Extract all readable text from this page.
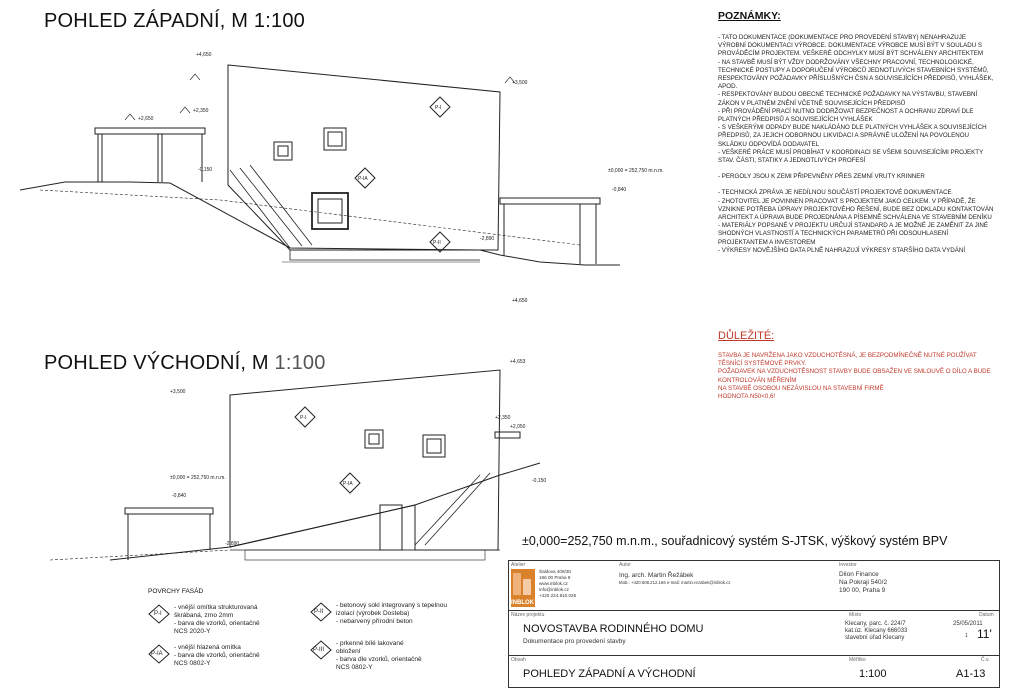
POHLED ZÁPADNÍ, M 1:100
POHLED VÝCHODNÍ, M 1:100
+4,650
+3,500
+2,650
+2,350
±0,000 = 252,750 m.n.m.
-0,840
-0,150
-2,890
P-I
P-IA
P-II
+4,650
+4,653
+3,500
+2,350
+2,050
±0,000 = 252,750 m.n.m.
-0,840
-0,150
-2,890
P-I
P-IA
POZNÁMKY:
- TATO DOKUMENTACE (DOKUMENTACE PRO PROVEDENÍ STAVBY) NENAHRAZUJE
VÝROBNÍ DOKUMENTACI VÝROBCE. DOKUMENTACE VÝROBCE MUSÍ BÝT V SOULADU S
PROVÁDĚCÍM PROJEKTEM. VEŠKERÉ ODCHYLKY MUSÍ BÝT SCHVÁLENY ARCHITEKTEM
- NA STAVBĚ MUSÍ BÝT VŽDY DODRŽOVÁNY VŠECHNY PRACOVNÍ, TECHNOLOGICKÉ,
TECHNICKÉ POSTUPY A DOPORUČENÍ VÝROBCŮ JEDNOTLIVÝCH STAVEBNÍCH SYSTÉMŮ,
RESPEKTOVÁNY POŽADAVKY PŘÍSLUŠNÝCH ČSN A SOUVISEJÍCÍCH PŘEDPISŮ, VYHLÁŠEK,
APOD.
- RESPEKTOVÁNY BUDOU OBECNÉ TECHNICKÉ POŽADAVKY NA VÝSTAVBU, STAVEBNÍ
ZÁKON V PLATNÉM ZNĚNÍ VČETNĚ SOUVISEJÍCÍCH PŘEDPISŮ
- PŘI PROVÁDĚNÍ PRACÍ NUTNO DODRŽOVAT BEZPEČNOST A OCHRANU ZDRAVÍ DLE
PLATNÝCH PŘEDPISŮ A SOUVISEJÍCÍCH VYHLÁŠEK
- S VEŠKERÝMI ODPADY BUDE NAKLÁDÁNO DLE PLATNÝCH VYHLÁŠEK A SOUVISEJÍCÍCH
PŘEDPISŮ, ZA JEJICH ODBORNOU LIKVIDACI A SPRÁVNÉ ULOŽENÍ NA POVOLENOU
SKLÁDKU ODPOVÍDÁ DODAVATEL
- VEŠKERÉ PRÁCE MUSÍ PROBÍHAT V KOORDINACI SE VŠEMI SOUVISEJÍCÍMI PROJEKTY
STAV. ČÁSTI, STATIKY A JEDNOTLIVÝCH PROFESÍ
- PERGOLY JSOU K ZEMI PŘIPEVNĚNY PŘES ZEMNÍ VRUTY KRINNER
- TECHNICKÁ ZPRÁVA JE NEDÍLNOU SOUČÁSTÍ PROJEKTOVÉ DOKUMENTACE
- ZHOTOVITEL JE POVINNEN PRACOVAT S PROJEKTEM JAKO CELKEM. V PŘÍPADĚ, ŽE
VZNIKNE POTŘEBA ÚPRAVY PROJEKTOVÉHO ŘEŠENÍ, BUDE BEZ ODKLADU KONTAKTOVÁN
ARCHITEKT A ÚPRAVA BUDE PROJEDNÁNA A PÍSEMNĚ SCHVÁLENA VE STAVEBNÍM DENÍKU
- MATERIÁLY POPSANÉ V PROJEKTU URČUJÍ STANDARD A JE MOŽNÉ JE ZAMĚNIT ZA JINÉ
SHODNÝCH VLASTNOSTÍ A TECHNICKÝCH PARAMETRŮ PŘI ODSOUHLASENÍ
PROJEKTANTEM A INVESTOREM
- VÝKRESY NOVĚJŠÍHO DATA PLNĚ NAHRAZUJÍ VÝKRESY STARŠÍHO DATA VYDÁNÍ
DŮLEŽITÉ:
STAVBA JE NAVRŽENA JAKO VZDUCHOTĚSNÁ, JE BEZPODMÍNEČNĚ NUTNÉ POUŽÍVAT
TĚSNÍCÍ SYSTÉMOVÉ PRVKY.
POŽADAVEK NA VZDUCHOTĚSNOST STAVBY BUDE OBSAŽEN VE SMLOUVĚ O DÍLO A BUDE
KONTROLOVÁN MĚŘENÍM
NA STAVBĚ OSOBOU NEZÁVISLOU NA STAVEBNÍ FIRMĚ
HODNOTA N50<0,6!
±0,000=252,750 m.n.m., souřadnicový systém S-JTSK, výškový systém BPV
POVRCHY FASÁD
P-I
- vnější omítka strukturovaná
škrábaná, zrno 2mm
- barva dle vzorků, orientačně
NCS 2020-Y
P-II
- betonový sokl integrovaný s tepelnou
izolací (výrobek Dosteba)
- nebarvený přírodní beton
P-IA
- vnější hlazená omítka
- barva dle vzorků, orientačně
NCS 0802-Y
P-III
- prkenné bílé lakované
obložení
- barva dle vzorků, orientačně
NCS 0802-Y
Atelier	Autor	Investor
INBLOK
Šaldova 408/30
186 00 Praha 8
www.inblok.cz
info@inblok.cz
+420.224.810.025
Ing. arch. Martin Řežábek
Mob.: +420.608.212.166 e-mail: martin.rezabek@inblok.cz
Dilon Finance
Na Pokraji 540/2
190 00, Praha 9
Název projektu	Místo	Datum
NOVOSTAVBA RODINNÉHO DOMU
Dokumentace pro provedení stavby
Klecany, parc. č. 224/7
kat.úz. Klecany 666033
stavební úřad Klecany
25/05/2011
1 11'
Obsah	Měřítko	Č.v.
POHLEDY ZÁPADNÍ A VÝCHODNÍ	1:100	A1-13
